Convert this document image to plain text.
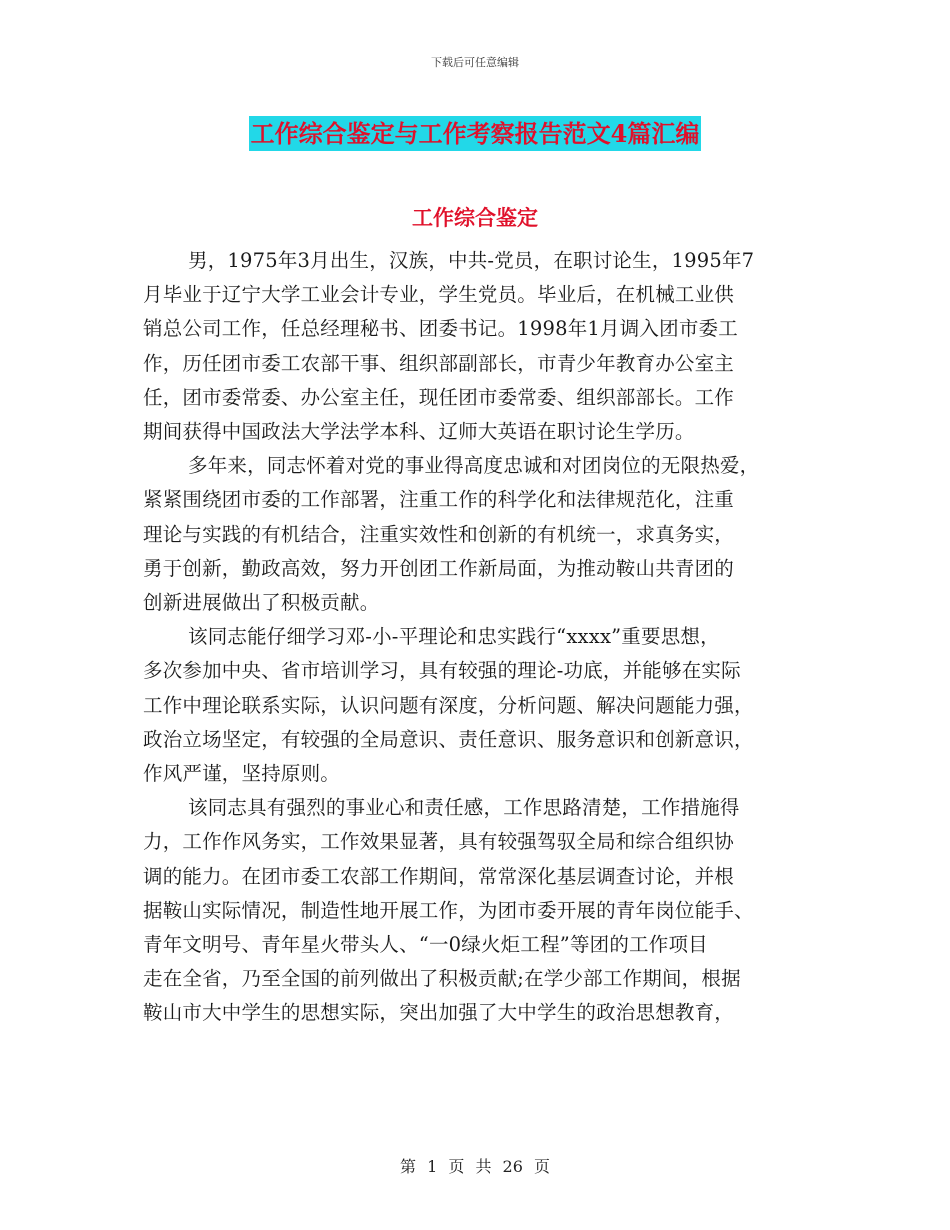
下载后可任意编辑
工作综合鉴定与工作考察报告范文4篇汇编
工作综合鉴定

男，1975年3月出生，汉族，中共-党员，在职讨论生，1995年7

月毕业于辽宁大学工业会计专业，学生党员。毕业后，在机械工业供

销总公司工作，任总经理秘书、团委书记。1998年1月调入团市委工

作，历任团市委工农部干事、组织部副部长，市青少年教育办公室主

任，团市委常委、办公室主任，现任团市委常委、组织部部长。工作

期间获得中国政法大学法学本科、辽师大英语在职讨论生学历。

多年来，同志怀着对党的事业得高度忠诚和对团岗位的无限热爱，

紧紧围绕团市委的工作部署，注重工作的科学化和法律规范化，注重

理论与实践的有机结合，注重实效性和创新的有机统一，求真务实，

勇于创新，勤政高效，努力开创团工作新局面，为推动鞍山共青团的

创新进展做出了积极贡献。

该同志能仔细学习邓-小-平理论和忠实践行“xxxx”重要思想，

多次参加中央、省市培训学习，具有较强的理论-功底，并能够在实际

工作中理论联系实际，认识问题有深度，分析问题、解决问题能力强，

政治立场坚定，有较强的全局意识、责任意识、服务意识和创新意识，

作风严谨，坚持原则。

该同志具有强烈的事业心和责任感，工作思路清楚，工作措施得

力，工作作风务实，工作效果显著，具有较强驾驭全局和综合组织协

调的能力。在团市委工农部工作期间，常常深化基层调查讨论，并根

据鞍山实际情况，制造性地开展工作，为团市委开展的青年岗位能手、

青年文明号、青年星火带头人、“一0绿火炬工程”等团的工作项目

走在全省，乃至全国的前列做出了积极贡献;在学少部工作期间，根据

鞍山市大中学生的思想实际，突出加强了大中学生的政治思想教育，

第 1 页 共 26 页
